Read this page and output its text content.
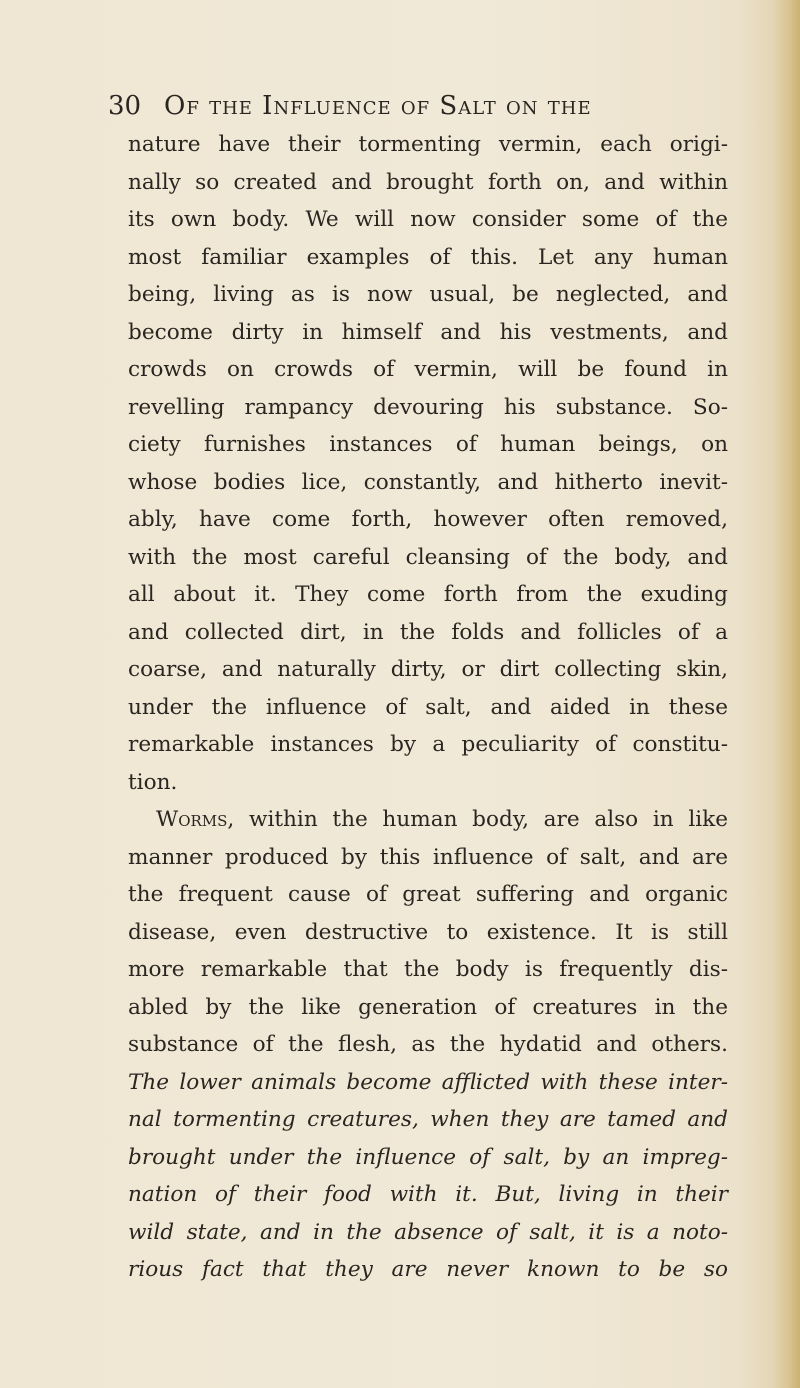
30 Of the Influence of Salt on the
nature have their tormenting vermin, each origi-
nally so created and brought forth on, and within
its own body. We will now consider some of the
most familiar examples of this. Let any human
being, living as is now usual, be neglected, and
become dirty in himself and his vestments, and
crowds on crowds of vermin, will be found in
revelling rampancy devouring his substance. So-
ciety furnishes instances of human beings, on
whose bodies lice, constantly, and hitherto inevit-
ably, have come forth, however often removed,
with the most careful cleansing of the body, and
all about it. They come forth from the exuding
and collected dirt, in the folds and follicles of a
coarse, and naturally dirty, or dirt collecting skin,
under the influence of salt, and aided in these
remarkable instances by a peculiarity of constitu-
tion.
Worms, within the human body, are also in like
manner produced by this influence of salt, and are
the frequent cause of great suffering and organic
disease, even destructive to existence. It is still
more remarkable that the body is frequently dis-
abled by the like generation of creatures in the
substance of the flesh, as the hydatid and others.
The lower animals become afflicted with these inter-
nal tormenting creatures, when they are tamed and
brought under the influence of salt, by an impreg-
nation of their food with it. But, living in their
wild state, and in the absence of salt, it is a noto-
rious fact that they are never known to be so
